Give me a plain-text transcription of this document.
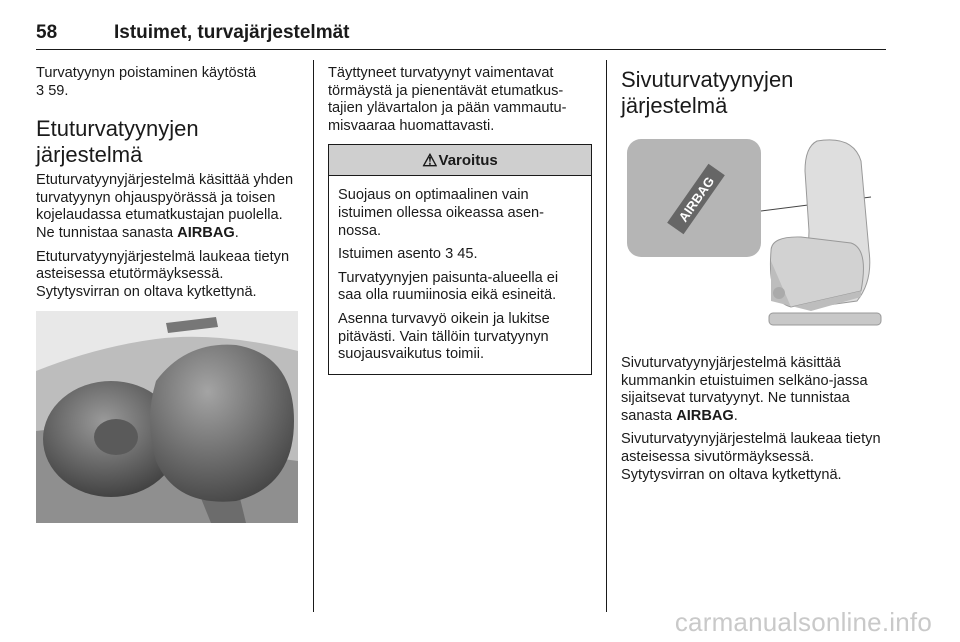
58	Istuimet, turvajärjestelmät

Turvatyynyn poistaminen käytöstä
3 59.

Etuturvatyynyjen
järjestelmä

Etuturvatyynyjärjestelmä käsittää yhden turvatyynyn ohjauspyörässä ja toisen kojelaudassa etumatkustajan puolella. Ne tunnistaa sanasta AIRBAG.

Etuturvatyynyjärjestelmä laukeaa tietyn asteisessa etutörmäyksessä. Sytytysvirran on oltava kytkettynä.

Täyttyneet turvatyynyt vaimentavat törmäystä ja pienentävät etumatkus-tajien ylävartalon ja pään vammautu-misvaaraa huomattavasti.

⚠ Varoitus

Suojaus on optimaalinen vain istuimen ollessa oikeassa asen-nossa.

Istuimen asento 3 45.

Turvatyynyjen paisunta-alueella ei saa olla ruumiinosia eikä esineitä.

Asenna turvavyö oikein ja lukitse pitävästi. Vain tällöin turvatyynyn suojausvaikutus toimii.

Sivuturvatyynyjen
järjestelmä
AIRBAG

Sivuturvatyynyjärjestelmä käsittää kummankin etuistuimen selkäno-jassa sijaitsevat turvatyynyt. Ne tunnistaa sanasta AIRBAG.

Sivuturvatyynyjärjestelmä laukeaa tietyn asteisessa sivutörmäyksessä. Sytytysvirran on oltava kytkettynä.

carmanualsonline.info
